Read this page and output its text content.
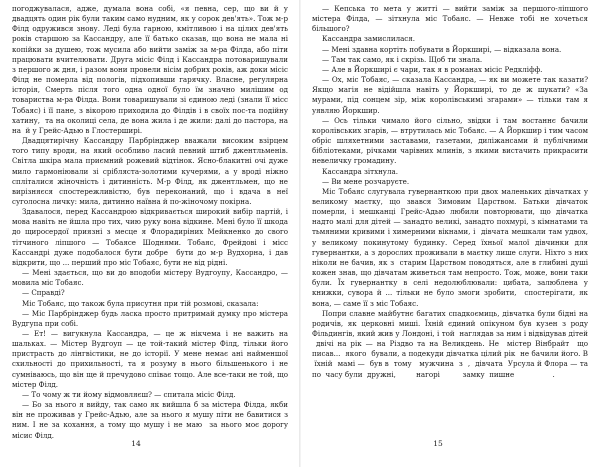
погоджувалася, адже, думала вона собі, «я певна, сер, що ви й у двадцять один рік були таким само нудним, як у сорок дев'ять». Тож м-р Філд одружився знову. Леді була гарною, кмітливою і на цілих дев'ять років старшою за Кассандру, але її батько сказав, що вона не мала ні копійки за душею, тож мусила або вийти заміж за м-ра Філда, або піти працювати вчителювати. Друга місіс Філд і Кассандра потоваришували з першого ж дня, і разом вони провели вісім добрих років, аж доки місіс Філд не померла від пологів, підхопивши гарячку. Власне, регулярна історія, Смерть після того одна одної було їм значно милішим од товариства м-ра Філда. Вони товаришували зі єдиною леді (знали її місс Тобаяс) і її пане, з вікорою приходила до Філдів і в своїх пос-та подійну хатину, та на околиці села, де вона жила і де жили: далі до пастора, на на й у Грейс-Адью в Глостерширі.

Двадцятирічну Кассандру Парбрінджер вважали високим взірцем того типу вроди, на який особливо ласий певний штиб джентльменів. Світла шкіра мала приємний рожевий відтінок. Ясно-блакитні очі дуже мило гармоніювали зі срібляста-золотими кучерями, а у вроді ніжно спліталися жіночність і дитинність. М-р Філд, як джентльмен, що не вирізняєся спостережливістю, був переконаний, що і вдача в неї суголосна личку: мила, дитинно наївна й по-жіночому покірна.

Здавалося, перед Кассандрою відкривається широкий вибір партій, і мова навіть не йшла про тих, чию руку вона відкине. Мені було її шкода до щиросердої приязні з месце я Флорадиріних Мейкненко до свого тітчиного ліпшого — Тобаясе Шоднями. Тобаяс, Фрейдові і місс Кассандрі дуже подобалося бути добре бути до м-р Вудхорна, і дав відкрити, що ... перший про міс Тобаяс, бути не від рідні.

— Мені здається, що ви до вподоби містеру Вудгоупу, Кассандро, — мовила міс Тобаяс.

— Справді?

Міс Тобаяс, що також була присутня при тій розмові, сказала:

— Міс Парбрінджер будь ласка просто притримай думку про містера Вудгупа при собі.

— Ет! — вигукнула Кассандра, — це ж нікчема і не важить на шальках. — Містер Вудгоуп — це той-такий містер Філд, тільки його пристрасть до лінгвістики, не до історії. У мене немає ані найменшої схильності до прихильності, та я розуму в нього більшенького і не сумніваюсь, що він ще й пречудово співає тощо. Але все-таки не той, що містер Філд.

— То чому ж ти йому відмовляєш? — спитала місіс Філд.

— Бо за нього я вийду, так само як вийшла б за містера Філда, якби він не проживав у Грейс-Адью, але за нього я мушу піти не бавитися з ним. І не за кохання, а тому що мушу і не маю за нього моє дорогу місис Філд.

— Кепська то мета у житті — вийти заміж за першого-ліпшого містера Філда, — зітхнула міс Тобаяс. — Невже тобі не хочеться більшого?

Кассандра замислилася.

— Мені здавна кортіть побувати в Йоркширі, — відказала вона.

— Там так само, як і скрізь. Щоб ти знала.

— Але в Йоркширі є чари, так я в романах місіс Редкліфф.

— Ох, міс Тобаяс, — сказала Кассандра, — як ви можете так казати? Якщо магія не відійшла навіть у Йоркширі, то де ж шукати? «За мурами, під сонцем зір, між королівськимі згарами» — тільки там я уявляю Йоркшир.

— Ось тільки чимало його сільно, звідки і там востаннє бачили королівських згарів, — втрутилась міс Тобаяс. — А Йоркшир і тим часом обріс шляхетними заставами, газетами, диліжансами й публічними бібліотеками, річками чарівних млинів, з якими вистачить прикрасити невеличку громадину.

Кассандра зітхнула.

— Ви мене розчаруєте.

Міс Тобаяс слугувала гувернанткою при двох маленьких дівчатках у великому маєтку, що звався Зимовим Царством. Батьки дівчаток померли, і мешканці Грейс-Адью любили повторювати, що дівчатка надто малі для дітей — занадто великі, занадто похмурі, з кімнатами та тьмяними кривими і химерними вікнами, і дівчата мешкали там удвох, у великому покинутому будинку. Серед їхньої малої дівчинки для гувернантки, а з дорослих проживали в маєтку лише слуги. Ніхто з них ніколи не бачив, як з старим Царством поводяться, але в глибині душі кожен знав, що дівчатам живеться там непросто. Тож, може, вони таки були. Їх гувернантку в селі недолюблювали: цибата, залюблена у книжки, сувора й ... тільки не було змоги зробити, спостерігати, як вона, — саме її з міс Тобаяс.

Попри славне майбутнє багатих спадкоємиць, дівчатка були бідні на родичів, як церковні миші. Їхній єдиний опікуном був кузен з роду Фільдингів, який жив у Лондоні, і той наглядав за ним і відвідував дітей двічі на рік — на Різдво та на Великдень. Не містер Вінбрайт що писав... якого бували, а подекуди дівчатка цілий рік не бачили його. В їхній мамі — був в тому мужчина з , дівчата Урсула й Флора — та по часу були дружні, нагорі замку пишне .

14	15
